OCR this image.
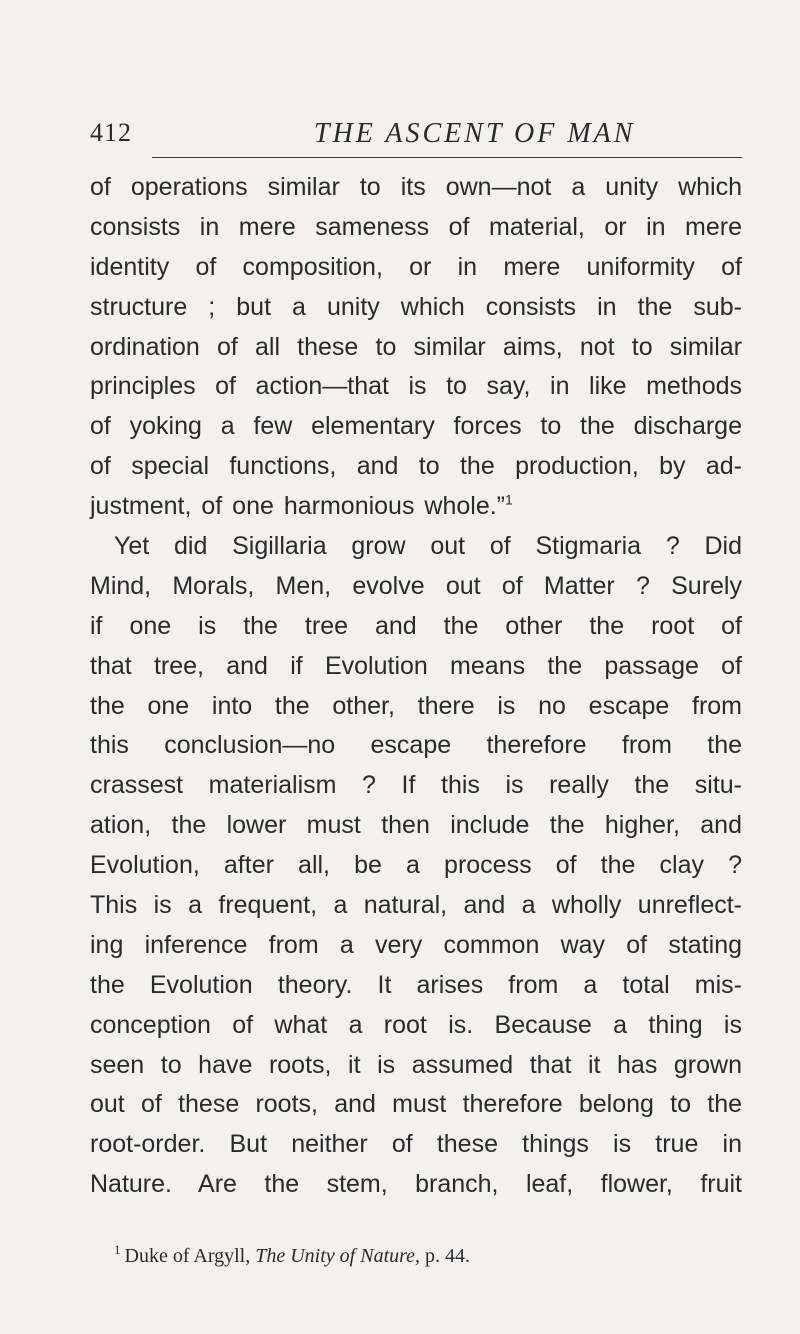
412	THE ASCENT OF MAN
of operations similar to its own—not a unity which
consists in mere sameness of material, or in mere
identity of composition, or in mere uniformity of
structure ; but a unity which consists in the sub-
ordination of all these to similar aims, not to similar
principles of action—that is to say, in like methods
of yoking a few elementary forces to the discharge
of special functions, and to the production, by ad-
justment, of one harmonious whole.”$^1$
Yet did Sigillaria grow out of Stigmaria ? Did
Mind, Morals, Men, evolve out of Matter ? Surely
if one is the tree and the other the root of
that tree, and if Evolution means the passage of
the one into the other, there is no escape from
this conclusion—no escape therefore from the
crassest materialism ? If this is really the situ-
ation, the lower must then include the higher, and
Evolution, after all, be a process of the clay ?
This is a frequent, a natural, and a wholly unreflect-
ing inference from a very common way of stating
the Evolution theory. It arises from a total mis-
conception of what a root is. Because a thing is
seen to have roots, it is assumed that it has grown
out of these roots, and must therefore belong to the
root-order. But neither of these things is true in
Nature. Are the stem, branch, leaf, flower, fruit
$^1$ Duke of Argyll, The Unity of Nature, p. 44.
